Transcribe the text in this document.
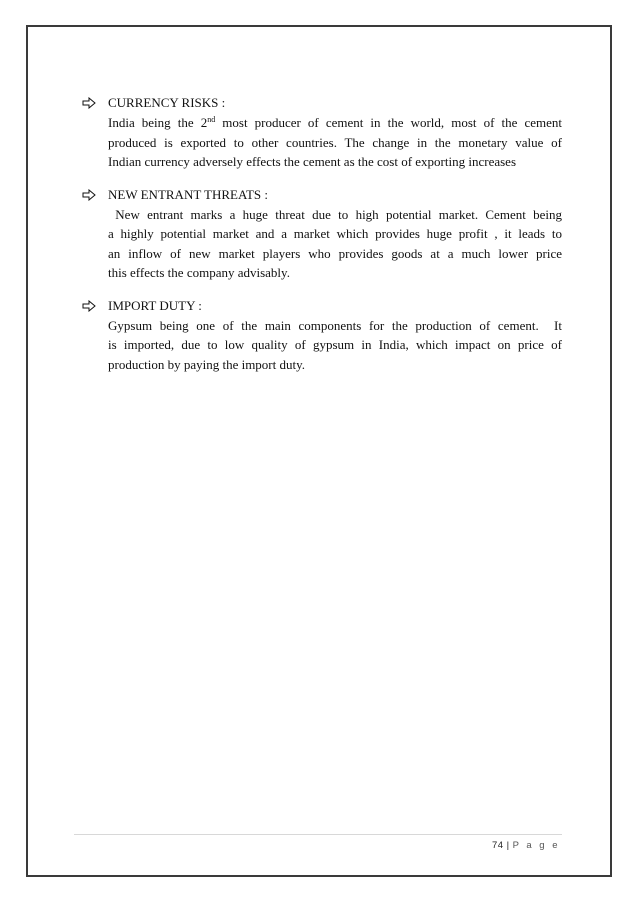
CURRENCY RISKS :
India being the 2nd most producer of cement in the world, most of the cement
produced is exported to other countries. The change in the monetary value of
Indian currency adversely effects the cement as the cost of exporting increases
NEW ENTRANT THREATS :
New entrant marks a huge threat due to high potential market. Cement being
a highly potential market and a market which provides huge profit , it leads to
an inflow of new market players who provides goods at a much lower price
this effects the company advisably.
IMPORT DUTY :
Gypsum being one of the main components for the production of cement.  It
is imported, due to low quality of gypsum in India, which impact on price of
production by paying the import duty.
74 | P a g e
